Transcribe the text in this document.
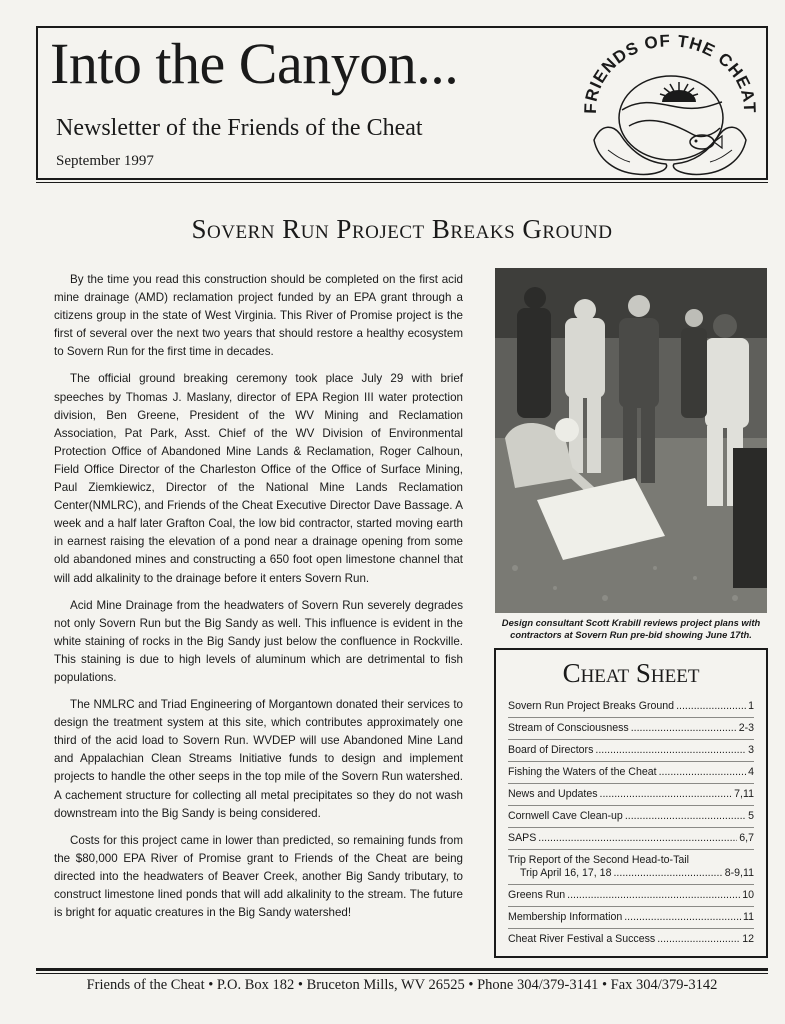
Into the Canyon...
Newsletter of the Friends of the Cheat
September 1997
FRIENDS OF THE CHEAT
Sovern Run Project Breaks Ground

By the time you read this construction should be completed on the first acid mine drainage (AMD) reclamation project funded by an EPA grant through a citizens group in the state of West Virginia. This River of Promise project is the first of several over the next two years that should restore a healthy ecosystem to Sovern Run for the first time in decades.

The official ground breaking ceremony took place July 29 with brief speeches by Thomas J. Maslany, director of EPA Region III water protection division, Ben Greene, President of the WV Mining and Reclamation Association, Pat Park, Asst. Chief of the WV Division of Environmental Protection Office of Abandoned Mine Lands & Reclamation, Roger Calhoun, Field Office Director of the Charleston Office of the Office of Surface Mining, Paul Ziemkiewicz, Director of the National Mine Lands Reclamation Center(NMLRC), and Friends of the Cheat Executive Director Dave Bassage. A week and a half later Grafton Coal, the low bid contractor, started moving earth in earnest raising the elevation of a pond near a drainage opening from some old abandoned mines and constructing a 650 foot open limestone channel that will add alkalinity to the drainage before it enters Sovern Run.

Acid Mine Drainage from the headwaters of Sovern Run severely degrades not only Sovern Run but the Big Sandy as well. This influence is evident in the white staining of rocks in the Big Sandy just below the confluence in Rockville. This staining is due to high levels of aluminum which are detrimental to fish populations.

The NMLRC and Triad Engineering of Morgantown donated their services to design the treatment system at this site, which contributes approximately one third of the acid load to Sovern Run. WVDEP will use Abandoned Mine Land and Appalachian Clean Streams Initiative funds to design and implement projects to handle the other seeps in the top mile of the Sovern Run watershed. A cachement structure for collecting all metal precipitates so they do not wash downstream into the Big Sandy is being considered.

Costs for this project came in lower than predicted, so remaining funds from the $80,000 EPA River of Promise grant to Friends of the Cheat are being directed into the headwaters of Beaver Creek, another Big Sandy tributary, to construct limestone lined ponds that will add alkalinity to the stream. The future is bright for aquatic creatures in the Big Sandy watershed!

Design consultant Scott Krabill reviews project plans with contractors at Sovern Run pre-bid showing June 17th.
Cheat Sheet
Sovern Run Project Breaks Ground .....	1
Stream of Consciousness .....	2-3
Board of Directors .....	3
Fishing the Waters of the Cheat .....	4
News and Updates .....	7,11
Cornwell Cave Clean-up .....	5
SAPS .....	6,7
Trip Report of the Second Head-to-Tail
Trip April 16, 17, 18 .....	8-9,11
Greens Run .....	10
Membership Information .....	11
Cheat River Festival a Success .....	12
Friends of the Cheat • P.O. Box 182 • Bruceton Mills, WV 26525 • Phone 304/379-3141 • Fax 304/379-3142
